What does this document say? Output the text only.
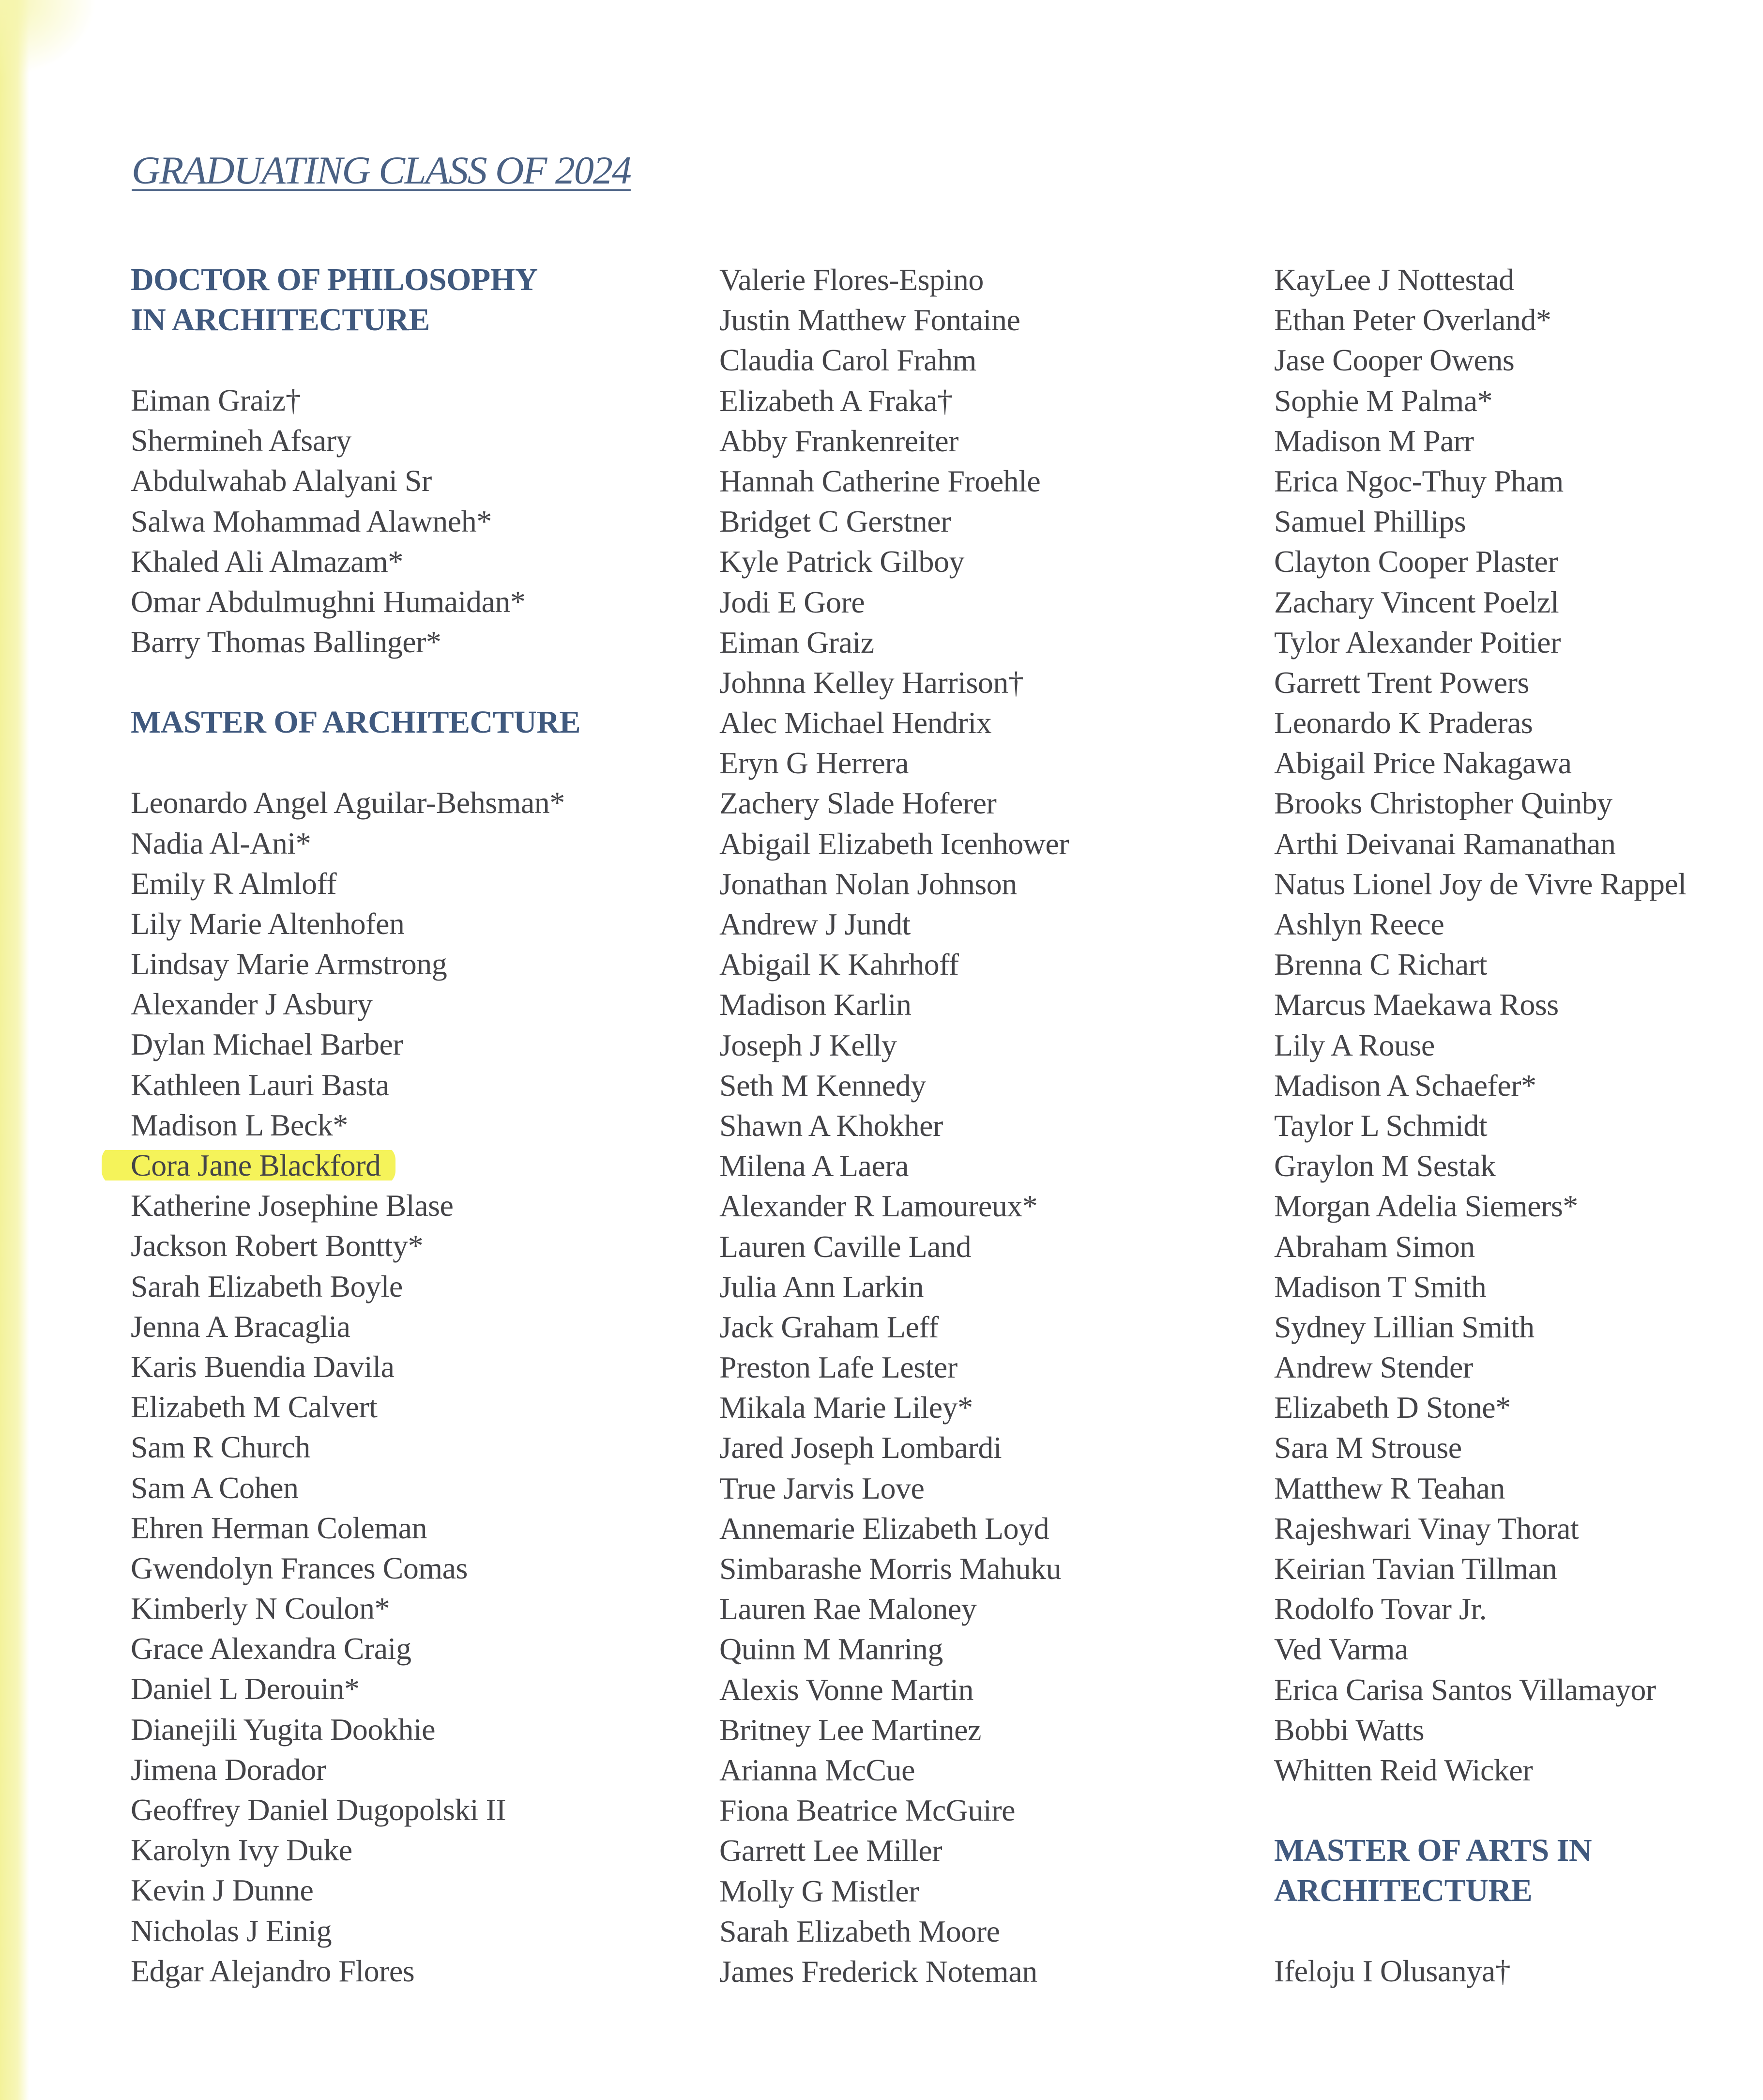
GRADUATING CLASS OF 2024
DOCTOR OF PHILOSOPHY
IN ARCHITECTURE
Eiman Graiz†
Shermineh Afsary
Abdulwahab Alalyani Sr
Salwa Mohammad Alawneh*
Khaled Ali Almazam*
Omar Abdulmughni Humaidan*
Barry Thomas Ballinger*
MASTER OF ARCHITECTURE
Leonardo Angel Aguilar-Behsman*
Nadia Al-Ani*
Emily R Almloff
Lily Marie Altenhofen
Lindsay Marie Armstrong
Alexander J Asbury
Dylan Michael Barber
Kathleen Lauri Basta
Madison L Beck*
Cora Jane Blackford
Katherine Josephine Blase
Jackson Robert Bontty*
Sarah Elizabeth Boyle
Jenna A Bracaglia
Karis Buendia Davila
Elizabeth M Calvert
Sam R Church
Sam A Cohen
Ehren Herman Coleman
Gwendolyn Frances Comas
Kimberly N Coulon*
Grace Alexandra Craig
Daniel L Derouin*
Dianejili Yugita Dookhie
Jimena Dorador
Geoffrey Daniel Dugopolski II
Karolyn Ivy Duke
Kevin J Dunne
Nicholas J Einig
Edgar Alejandro Flores
Valerie Flores-Espino
Justin Matthew Fontaine
Claudia Carol Frahm
Elizabeth A Fraka†
Abby Frankenreiter
Hannah Catherine Froehle
Bridget C Gerstner
Kyle Patrick Gilboy
Jodi E Gore
Eiman Graiz
Johnna Kelley Harrison†
Alec Michael Hendrix
Eryn G Herrera
Zachery Slade Hoferer
Abigail Elizabeth Icenhower
Jonathan Nolan Johnson
Andrew J Jundt
Abigail K Kahrhoff
Madison Karlin
Joseph J Kelly
Seth M Kennedy
Shawn A Khokher
Milena A Laera
Alexander R Lamoureux*
Lauren Caville Land
Julia Ann Larkin
Jack Graham Leff
Preston Lafe Lester
Mikala Marie Liley*
Jared Joseph Lombardi
True Jarvis Love
Annemarie Elizabeth Loyd
Simbarashe Morris Mahuku
Lauren Rae Maloney
Quinn M Manring
Alexis Vonne Martin
Britney Lee Martinez
Arianna McCue
Fiona Beatrice McGuire
Garrett Lee Miller
Molly G Mistler
Sarah Elizabeth Moore
James Frederick Noteman
KayLee J Nottestad
Ethan Peter Overland*
Jase Cooper Owens
Sophie M Palma*
Madison M Parr
Erica Ngoc-Thuy Pham
Samuel Phillips
Clayton Cooper Plaster
Zachary Vincent Poelzl
Tylor Alexander Poitier
Garrett Trent Powers
Leonardo K Praderas
Abigail Price Nakagawa
Brooks Christopher Quinby
Arthi Deivanai Ramanathan
Natus Lionel Joy de Vivre Rappel
Ashlyn Reece
Brenna C Richart
Marcus Maekawa Ross
Lily A Rouse
Madison A Schaefer*
Taylor L Schmidt
Graylon M Sestak
Morgan Adelia Siemers*
Abraham Simon
Madison T Smith
Sydney Lillian Smith
Andrew Stender
Elizabeth D Stone*
Sara M Strouse
Matthew R Teahan
Rajeshwari Vinay Thorat
Keirian Tavian Tillman
Rodolfo Tovar Jr.
Ved Varma
Erica Carisa Santos Villamayor
Bobbi Watts
Whitten Reid Wicker
MASTER OF ARTS IN
ARCHITECTURE
Ifeloju I Olusanya†
